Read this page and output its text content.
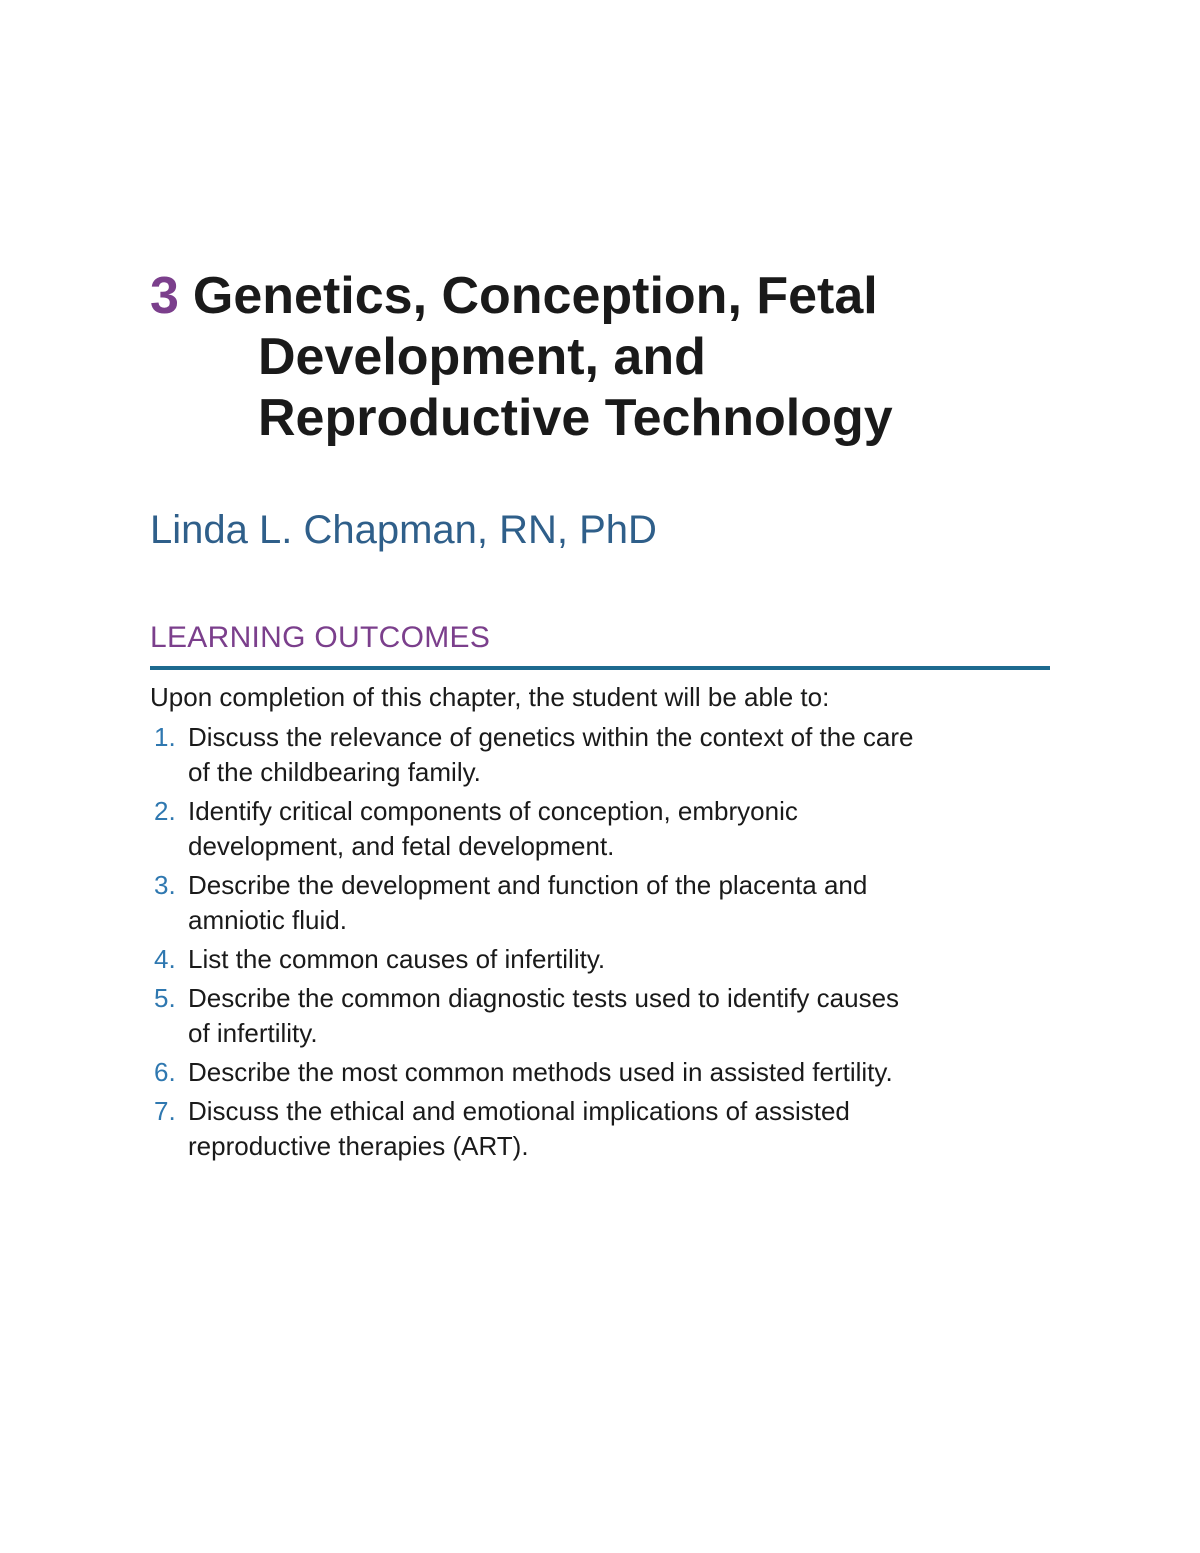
3 Genetics, Conception, Fetal
Development, and
Reproductive Technology
Linda L. Chapman, RN, PhD
LEARNING OUTCOMES

Upon completion of this chapter, the student will be able to:

1. Discuss the relevance of genetics within the context of the care
of the childbearing family.
2. Identify critical components of conception, embryonic
development, and fetal development.
3. Describe the development and function of the placenta and
amniotic fluid.
4. List the common causes of infertility.
5. Describe the common diagnostic tests used to identify causes
of infertility.
6. Describe the most common methods used in assisted fertility.
7. Discuss the ethical and emotional implications of assisted
reproductive therapies (ART).
